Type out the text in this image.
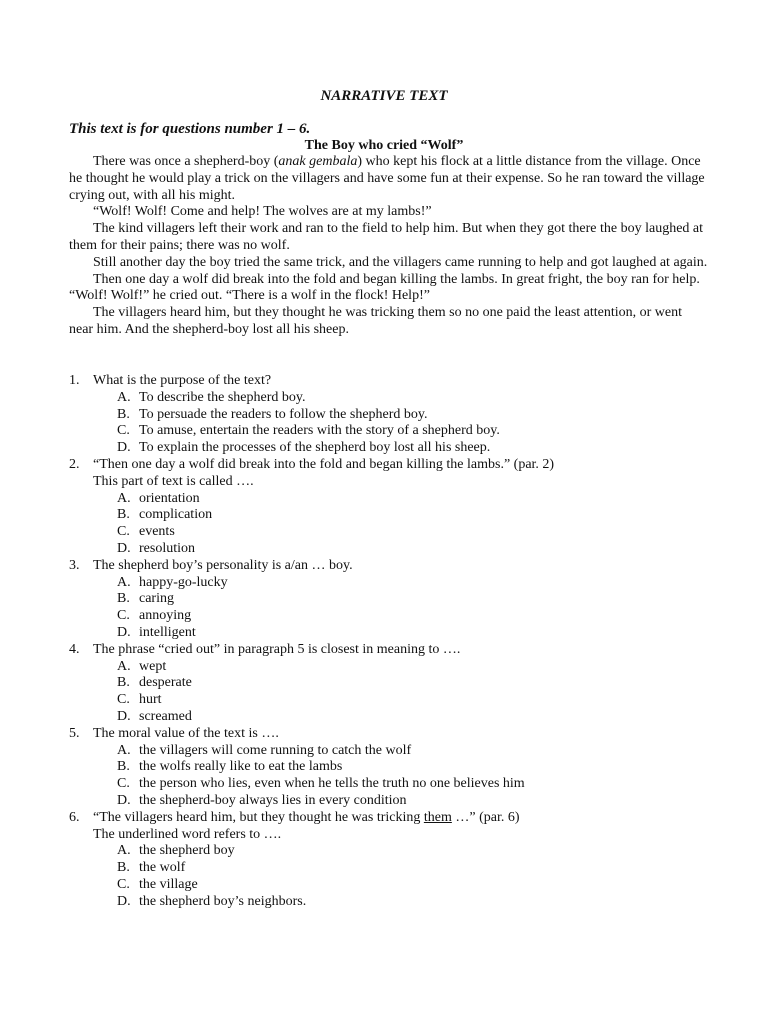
NARRATIVE TEXT
This text is for questions number 1 – 6.
The Boy who cried “Wolf”

There was once a shepherd-boy (anak gembala) who kept his flock at a little distance from the village. Once he thought he would play a trick on the villagers and have some fun at their expense. So he ran toward the village crying out, with all his might.

“Wolf! Wolf! Come and help! The wolves are at my lambs!”

The kind villagers left their work and ran to the field to help him. But when they got there the boy laughed at them for their pains; there was no wolf.

Still another day the boy tried the same trick, and the villagers came running to help and got laughed at again.

Then one day a wolf did break into the fold and began killing the lambs. In great fright, the boy ran for help. “Wolf! Wolf!” he cried out. “There is a wolf in the flock! Help!”

The villagers heard him, but they thought he was tricking them so no one paid the least attention, or went near him. And the shepherd-boy lost all his sheep.

1. What is the purpose of the text?
A. To describe the shepherd boy.
B. To persuade the readers to follow the shepherd boy.
C. To amuse, entertain the readers with the story of a shepherd boy.
D. To explain the processes of the shepherd boy lost all his sheep.
2. “Then one day a wolf did break into the fold and began killing the lambs.” (par. 2)
This part of text is called ….
A. orientation
B. complication
C. events
D. resolution
3. The shepherd boy’s personality is a/an … boy.
A. happy-go-lucky
B. caring
C. annoying
D. intelligent
4. The phrase “cried out” in paragraph 5 is closest in meaning to ….
A. wept
B. desperate
C. hurt
D. screamed
5. The moral value of the text is ….
A. the villagers will come running to catch the wolf
B. the wolfs really like to eat the lambs
C. the person who lies, even when he tells the truth no one believes him
D. the shepherd-boy always lies in every condition
6. “The villagers heard him, but they thought he was tricking them …” (par. 6)
The underlined word refers to ….
A. the shepherd boy
B. the wolf
C. the village
D. the shepherd boy’s neighbors.
